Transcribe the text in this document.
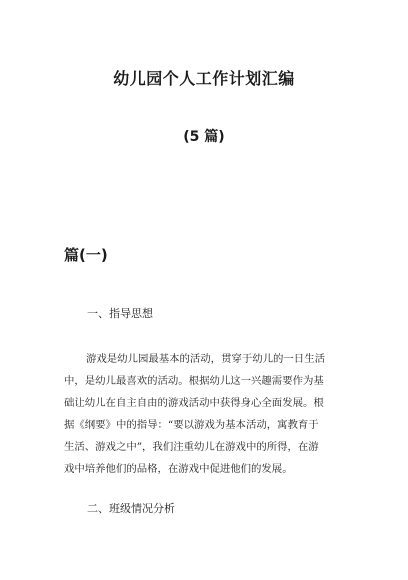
幼儿园个人工作计划汇编
(5 篇)
篇(一)
一、指导思想
游戏是幼儿园最基本的活动，贯穿于幼儿的一日生活
中，是幼儿最喜欢的活动。根据幼儿这一兴趣需要作为基
础让幼儿在自主自由的游戏活动中获得身心全面发展。根
据《纲要》中的指导：“要以游戏为基本活动，寓教育于
生活、游戏之中”，我们注重幼儿在游戏中的所得，在游
戏中培养他们的品格，在游戏中促进他们的发展。
二、班级情况分析
